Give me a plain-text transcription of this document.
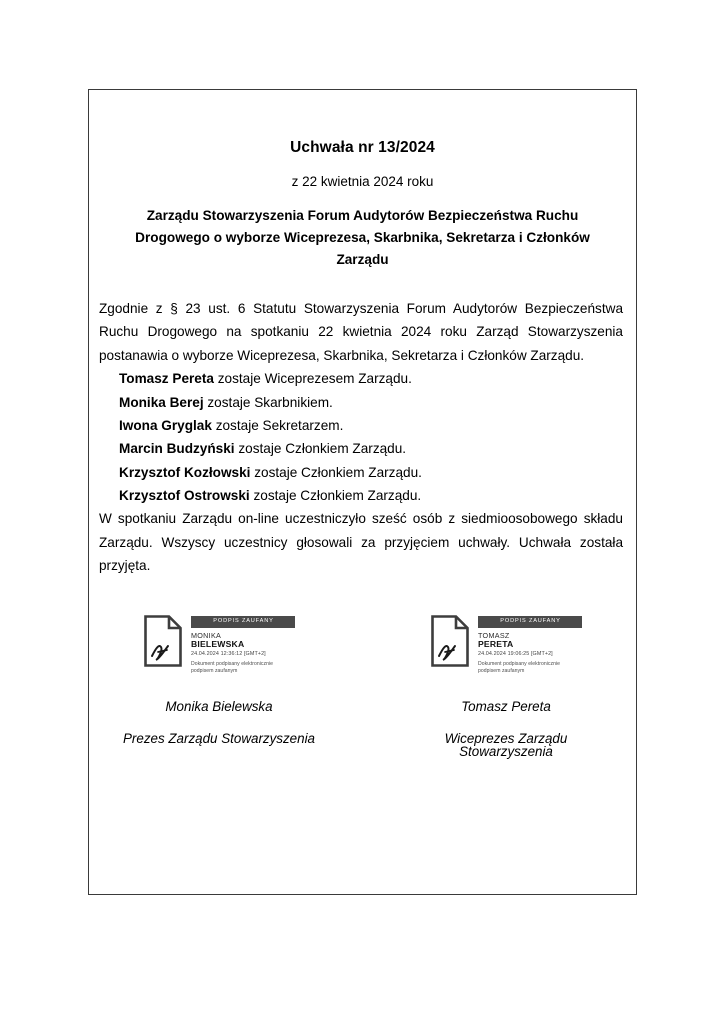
Uchwała nr 13/2024
z 22 kwietnia 2024 roku
Zarządu Stowarzyszenia Forum Audytorów Bezpieczeństwa Ruchu Drogowego o wyborze Wiceprezesa, Skarbnika, Sekretarza i Członków Zarządu

Zgodnie z § 23 ust. 6 Statutu Stowarzyszenia Forum Audytorów Bezpieczeństwa Ruchu Drogowego na spotkaniu 22 kwietnia 2024 roku Zarząd Stowarzyszenia postanawia o wyborze Wiceprezesa, Skarbnika, Sekretarza i Członków Zarządu.

Tomasz Pereta zostaje Wiceprezesem Zarządu.
Monika Berej zostaje Skarbnikiem.
Iwona Gryglak zostaje Sekretarzem.
Marcin Budzyński zostaje Członkiem Zarządu.
Krzysztof Kozłowski zostaje Członkiem Zarządu.
Krzysztof Ostrowski zostaje Członkiem Zarządu.

W spotkaniu Zarządu on-line uczestniczyło sześć osób z siedmioosobowego składu Zarządu. Wszyscy uczestnicy głosowali za przyjęciem uchwały. Uchwała została przyjęta.

PODPIS ZAUFANY
MONIKA
BIELEWSKA
24.04.2024 12:36:12 [GMT+2]
Dokument podpisany elektronicznie
podpisem zaufanym
Monika Bielewska
Prezes Zarządu Stowarzyszenia
PODPIS ZAUFANY
TOMASZ
PERETA
24.04.2024 19:06:25 [GMT+2]
Dokument podpisany elektronicznie
podpisem zaufanym
Tomasz Pereta
Wiceprezes Zarządu Stowarzyszenia
